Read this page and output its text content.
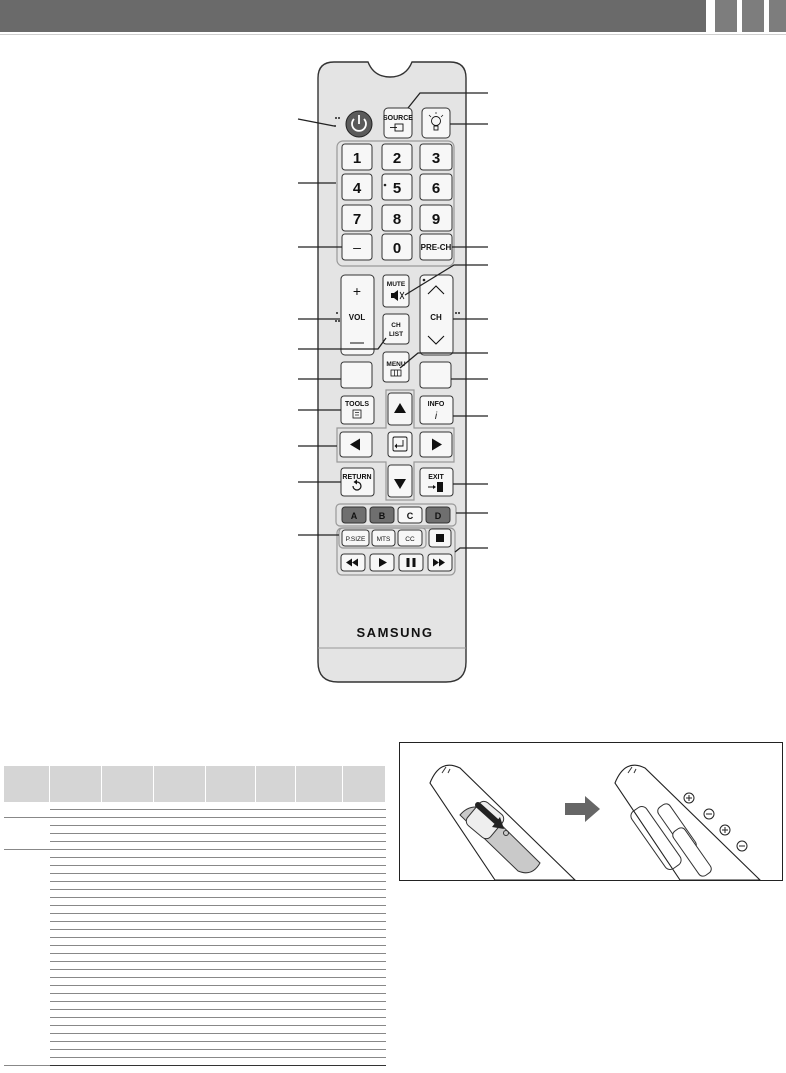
SOURCE
1 2 3
4 5 6
7 8 9
– 0 PRE-CH
+
VOL
MUTE
CH
CH
LIST
MENU
TOOLS	INFO
i
RETURN	EXIT
A B C D
P.SIZE MTS CC
SAMSUNG
